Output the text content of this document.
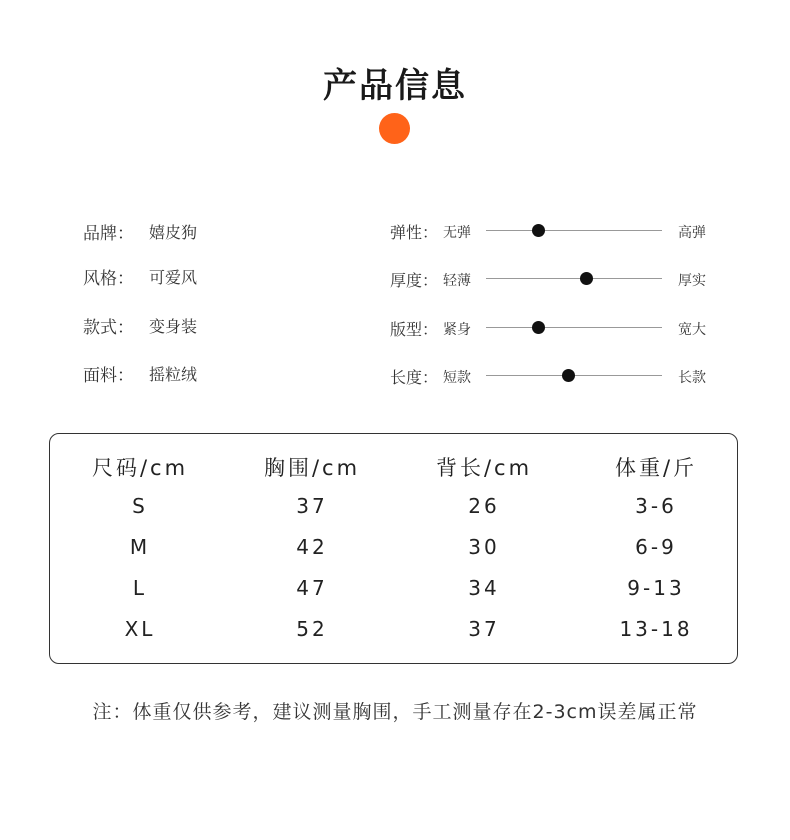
产品信息
品牌： 嬉皮狗
风格： 可爱风
款式： 变身装
面料： 摇粒绒
弹性： 无弹	高弹
厚度： 轻薄	厚实
版型： 紧身	宽大
长度： 短款	长款
尺码/cm	胸围/cm	背长/cm	体重/斤
S	37	26	3-6
M	42	30	6-9
L	47	34	9-13
XL	52	37	13-18
注：体重仅供参考，建议测量胸围，手工测量存在2-3cm误差属正常
